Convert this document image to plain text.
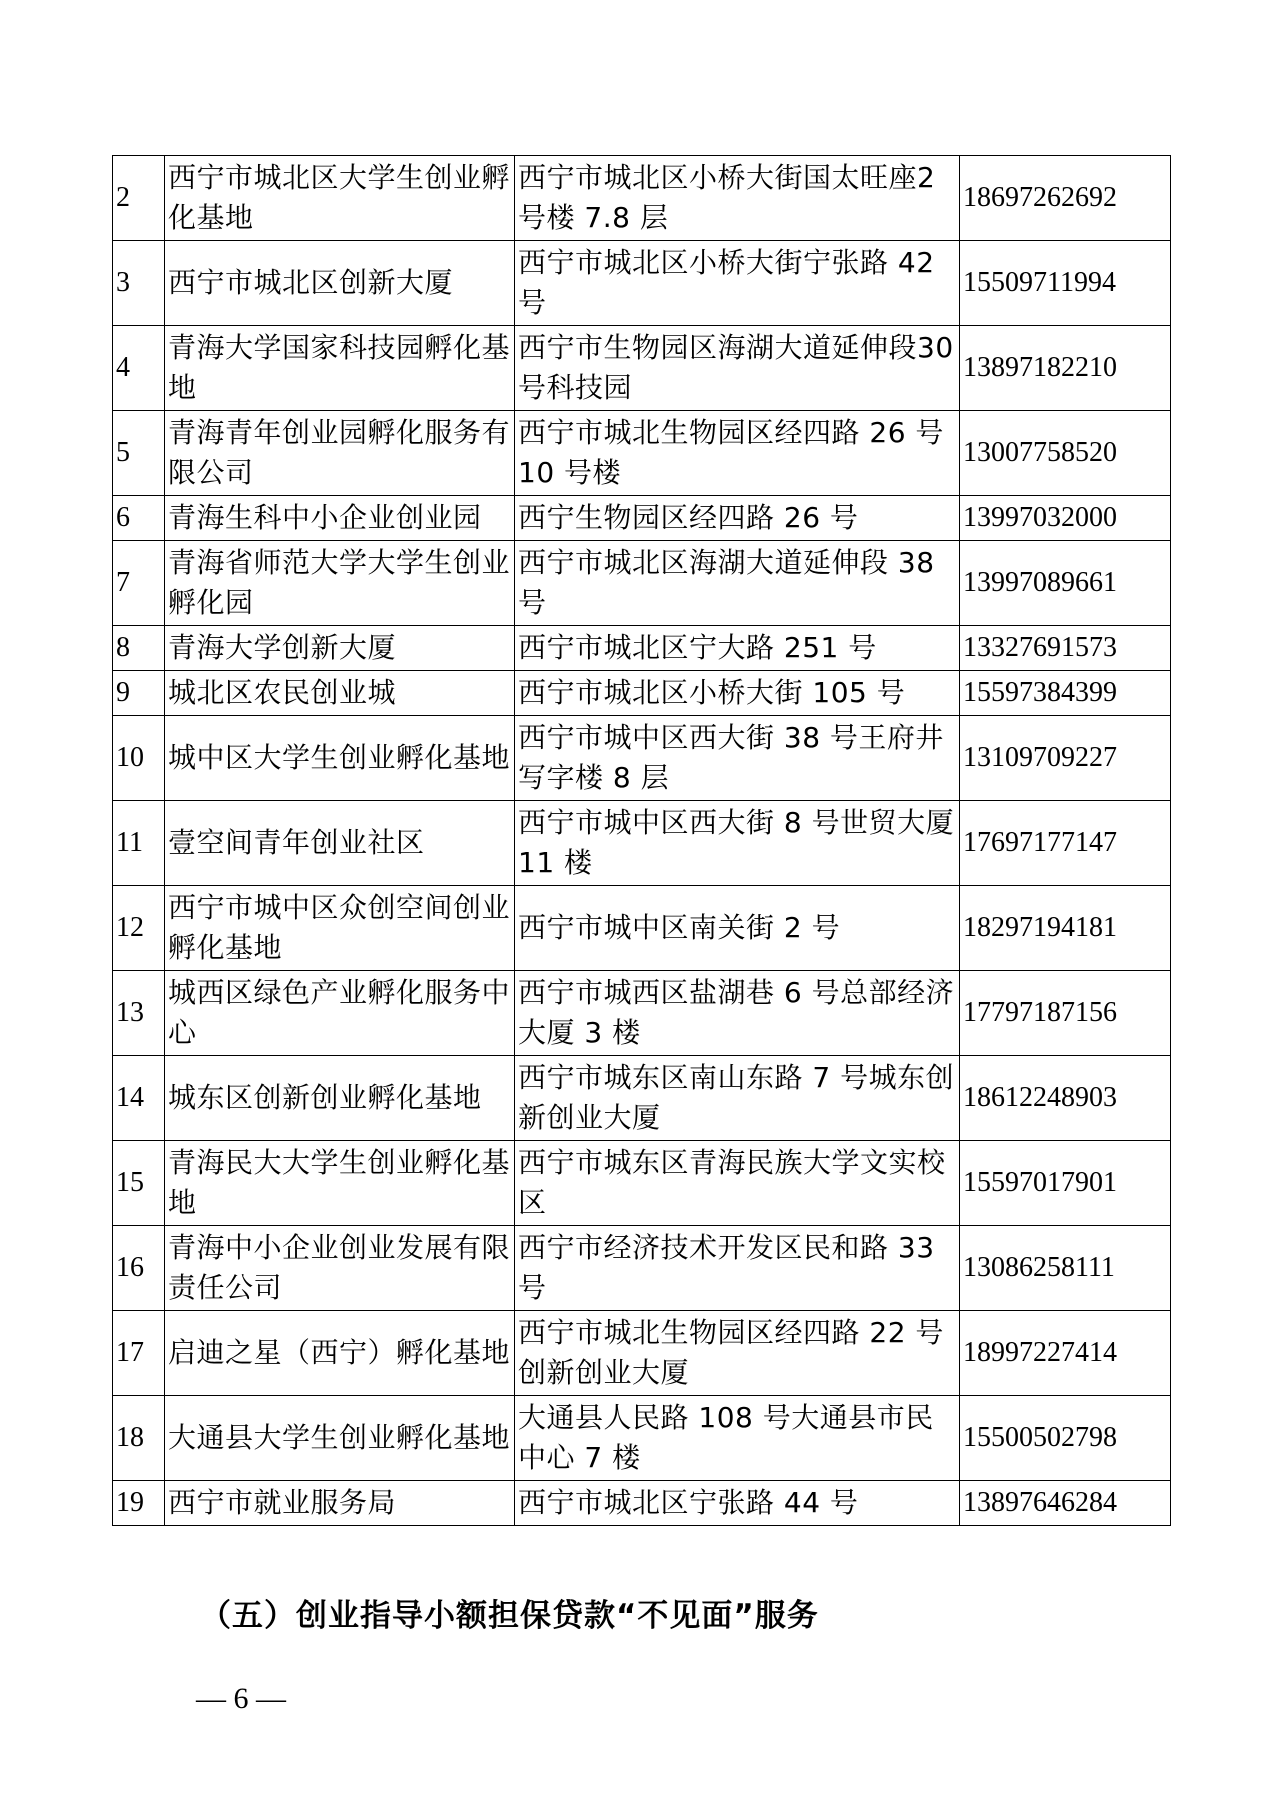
2	西宁市城北区大学生创业孵化基地	西宁市城北区小桥大街国太旺座2 号楼 7.8 层	18697262692
3	西宁市城北区创新大厦	西宁市城北区小桥大街宁张路 42 号	15509711994
4	青海大学国家科技园孵化基地	西宁市生物园区海湖大道延伸段30 号科技园	13897182210
5	青海青年创业园孵化服务有限公司	西宁市城北生物园区经四路 26 号 10 号楼	13007758520
6	青海生科中小企业创业园	西宁生物园区经四路 26 号	13997032000
7	青海省师范大学大学生创业孵化园	西宁市城北区海湖大道延伸段 38 号	13997089661
8	青海大学创新大厦	西宁市城北区宁大路 251 号	13327691573
9	城北区农民创业城	西宁市城北区小桥大街 105 号	15597384399
10	城中区大学生创业孵化基地	西宁市城中区西大街 38 号王府井写字楼 8 层	13109709227
11	壹空间青年创业社区	西宁市城中区西大街 8 号世贸大厦 11 楼	17697177147
12	西宁市城中区众创空间创业孵化基地	西宁市城中区南关街 2 号	18297194181
13	城西区绿色产业孵化服务中心	西宁市城西区盐湖巷 6 号总部经济大厦 3 楼	17797187156
14	城东区创新创业孵化基地	西宁市城东区南山东路 7 号城东创新创业大厦	18612248903
15	青海民大大学生创业孵化基地	西宁市城东区青海民族大学文实校区	15597017901
16	青海中小企业创业发展有限责任公司	西宁市经济技术开发区民和路 33 号	13086258111
17	启迪之星（西宁）孵化基地	西宁市城北生物园区经四路 22 号创新创业大厦	18997227414
18	大通县大学生创业孵化基地	大通县人民路 108 号大通县市民中心 7 楼	15500502798
19	西宁市就业服务局	西宁市城北区宁张路 44 号	13897646284
（五）创业指导小额担保贷款“不见面”服务
— 6 —
